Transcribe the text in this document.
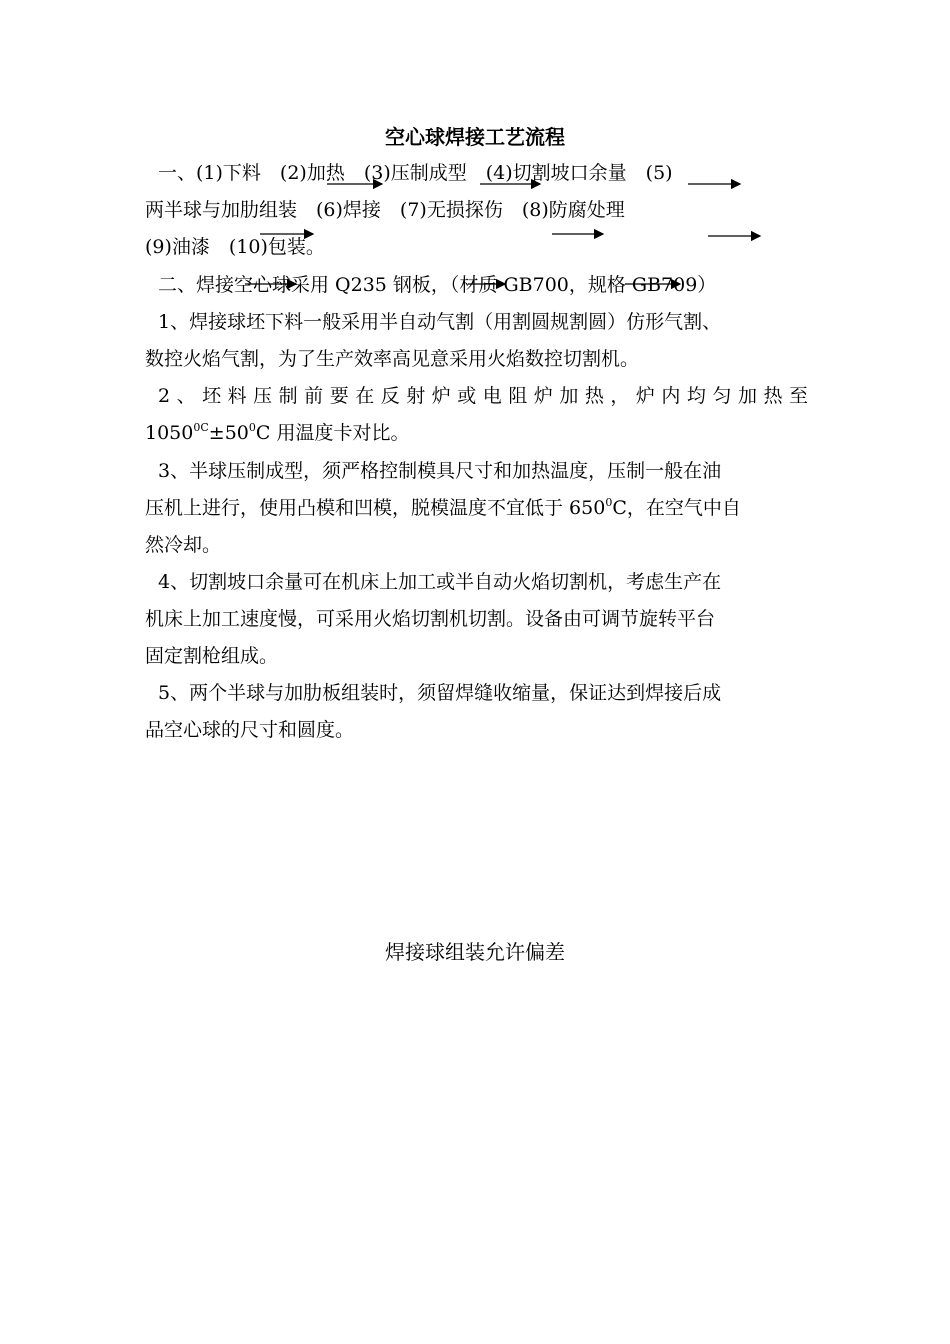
空心球焊接工艺流程
一、(1)下料　(2)加热　(3)压制成型　(4)切割坡口余量　(5)
两半球与加肋组装　(6)焊接　(7)无损探伤　(8)防腐处理
(9)油漆　(10)包装。
二、焊接空心球采用 Q235 钢板，（材质 GB700，规格 GB709）
1、焊接球坯下料一般采用半自动气割（用割圆规割圆）仿形气割、
数控火焰气割，为了生产效率高见意采用火焰数控切割机。
2、坯料压制前要在反射炉或电阻炉加热，炉内均匀加热至
$1050^{0C}\pm 50^0C$ 用温度卡对比。
3、半球压制成型，须严格控制模具尺寸和加热温度，压制一般在油
压机上进行，使用凸模和凹模，脱模温度不宜低于 $650^0C$，在空气中自
然冷却。
4、切割坡口余量可在机床上加工或半自动火焰切割机，考虑生产在
机床上加工速度慢，可采用火焰切割机切割。设备由可调节旋转平台
固定割枪组成。
5、两个半球与加肋板组装时，须留焊缝收缩量，保证达到焊接后成
品空心球的尺寸和圆度。
焊接球组装允许偏差
